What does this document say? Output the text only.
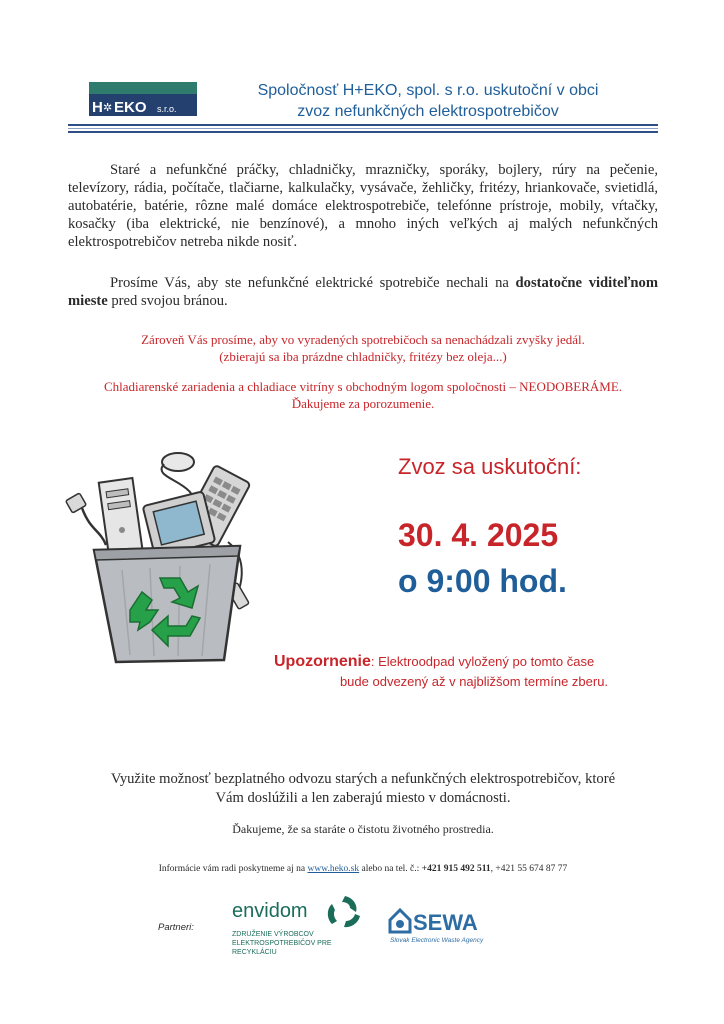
H ✲ EKO s.r.o.
Spoločnosť H+EKO, spol. s r.o. uskutoční v obci
zvoz nefunkčných elektrospotrebičov
Staré a nefunkčné práčky, chladničky, mrazničky, sporáky, bojlery, rúry na pečenie, televízory, rádia, počítače, tlačiarne, kalkulačky, vysávače, žehličky, fritézy, hriankovače, svietidlá, autobatérie, batérie, rôzne malé domáce elektrospotrebiče, telefónne prístroje, mobily, vŕtačky, kosačky (iba elektrické, nie benzínové), a mnoho iných veľkých aj malých nefunkčných elektrospotrebičov netreba nikde nosiť.
Prosíme Vás, aby ste nefunkčné elektrické spotrebiče nechali na dostatočne viditeľnom mieste pred svojou bránou.
Zároveň Vás prosíme, aby vo vyradených spotrebičoch sa nenachádzali zvyšky jedál.
(zbierajú sa iba prázdne chladničky, fritézy bez oleja...)
Chladiarenské zariadenia a chladiace vitríny s obchodným logom spoločnosti – NEODOBERÁME.
Ďakujeme za porozumenie.
Zvoz sa uskutoční:
30. 4. 2025
o 9:00 hod.
Upozornenie: Elektroodpad vyložený po tomto čase
bude odvezený až v najbližšom termíne zberu.
Využite možnosť bezplatného odvozu starých a nefunkčných elektrospotrebičov, ktoré
Vám doslúžili a len zaberajú miesto v domácnosti.
Ďakujeme, že sa staráte o čistotu životného prostredia.
Informácie vám radi poskytneme aj na www.heko.sk alebo na tel. č.: +421 915 492 511, +421 55 674 87 77
Partneri:
envidom
ZDRUŽENIE VÝROBCOV
ELEKTROSPOTREBIČOV PRE RECYKLÁCIU
SEWA
Slovak Electronic Waste Agency
